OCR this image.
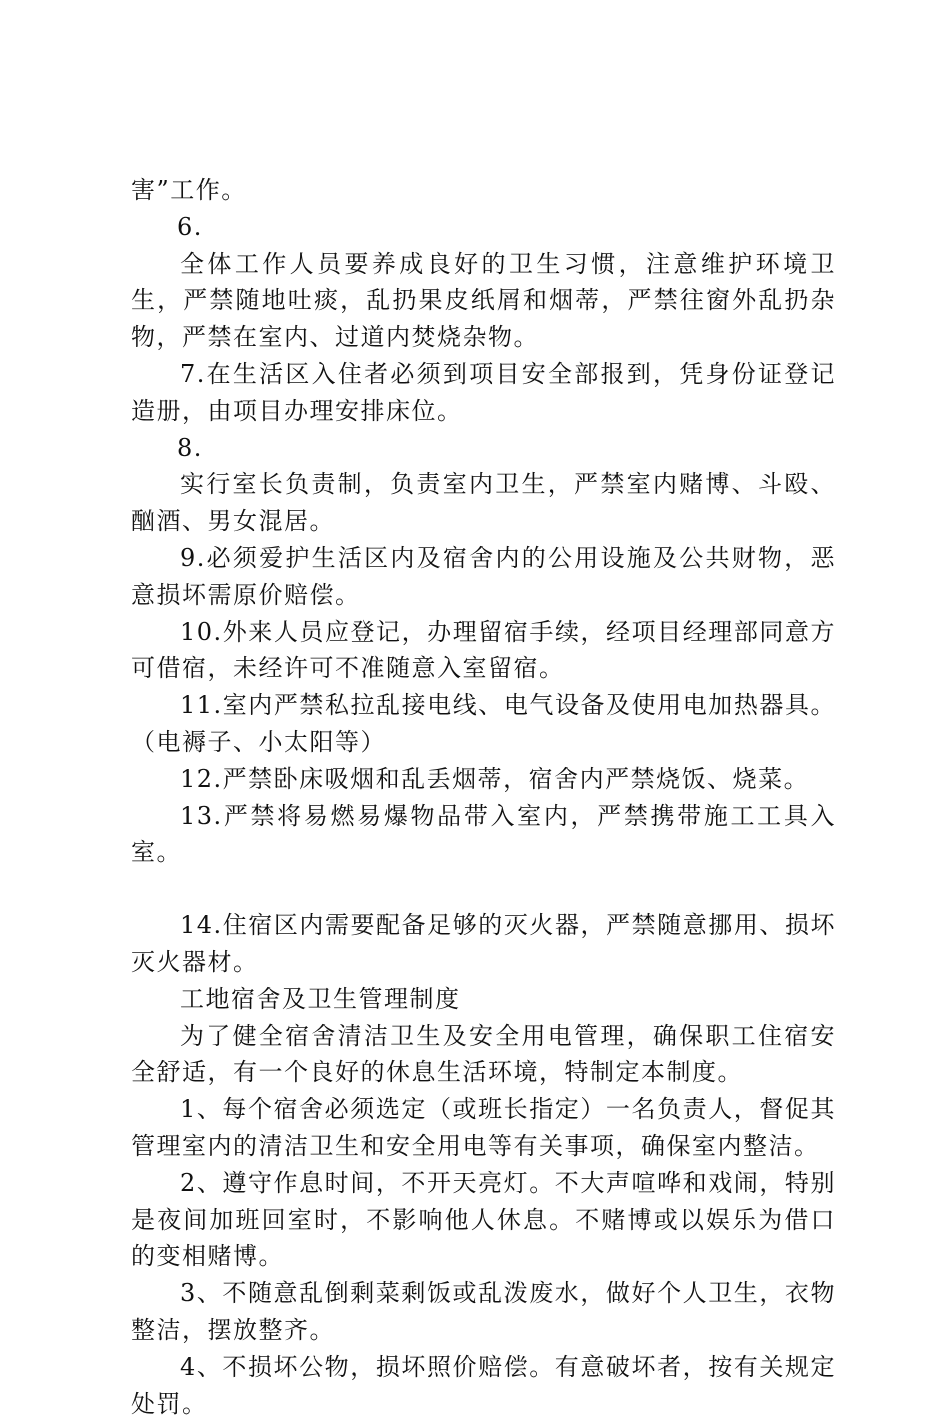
害”工作。

6.

全体工作人员要养成良好的卫生习惯，注意维护环境卫生，严禁随地吐痰，乱扔果皮纸屑和烟蒂，严禁往窗外乱扔杂物，严禁在室内、过道内焚烧杂物。

7.在生活区入住者必须到项目安全部报到，凭身份证登记造册，由项目办理安排床位。

8.

实行室长负责制，负责室内卫生，严禁室内赌博、斗殴、酗酒、男女混居。

9.必须爱护生活区内及宿舍内的公用设施及公共财物，恶意损坏需原价赔偿。

10.外来人员应登记，办理留宿手续，经项目经理部同意方可借宿，未经许可不准随意入室留宿。

11.室内严禁私拉乱接电线、电气设备及使用电加热器具。（电褥子、小太阳等）

12.严禁卧床吸烟和乱丢烟蒂，宿舍内严禁烧饭、烧菜。

13.严禁将易燃易爆物品带入室内，严禁携带施工工具入室。

14.住宿区内需要配备足够的灭火器，严禁随意挪用、损坏灭火器材。

工地宿舍及卫生管理制度

为了健全宿舍清洁卫生及安全用电管理，确保职工住宿安全舒适，有一个良好的休息生活环境，特制定本制度。

1、每个宿舍必须选定（或班长指定）一名负责人，督促其管理室内的清洁卫生和安全用电等有关事项，确保室内整洁。

2、遵守作息时间，不开天亮灯。不大声喧哗和戏闹，特别是夜间加班回室时，不影响他人休息。不赌博或以娱乐为借口的变相赌博。

3、不随意乱倒剩菜剩饭或乱泼废水，做好个人卫生，衣物整洁，摆放整齐。

4、不损坏公物，损坏照价赔偿。有意破坏者，按有关规定处罚。
